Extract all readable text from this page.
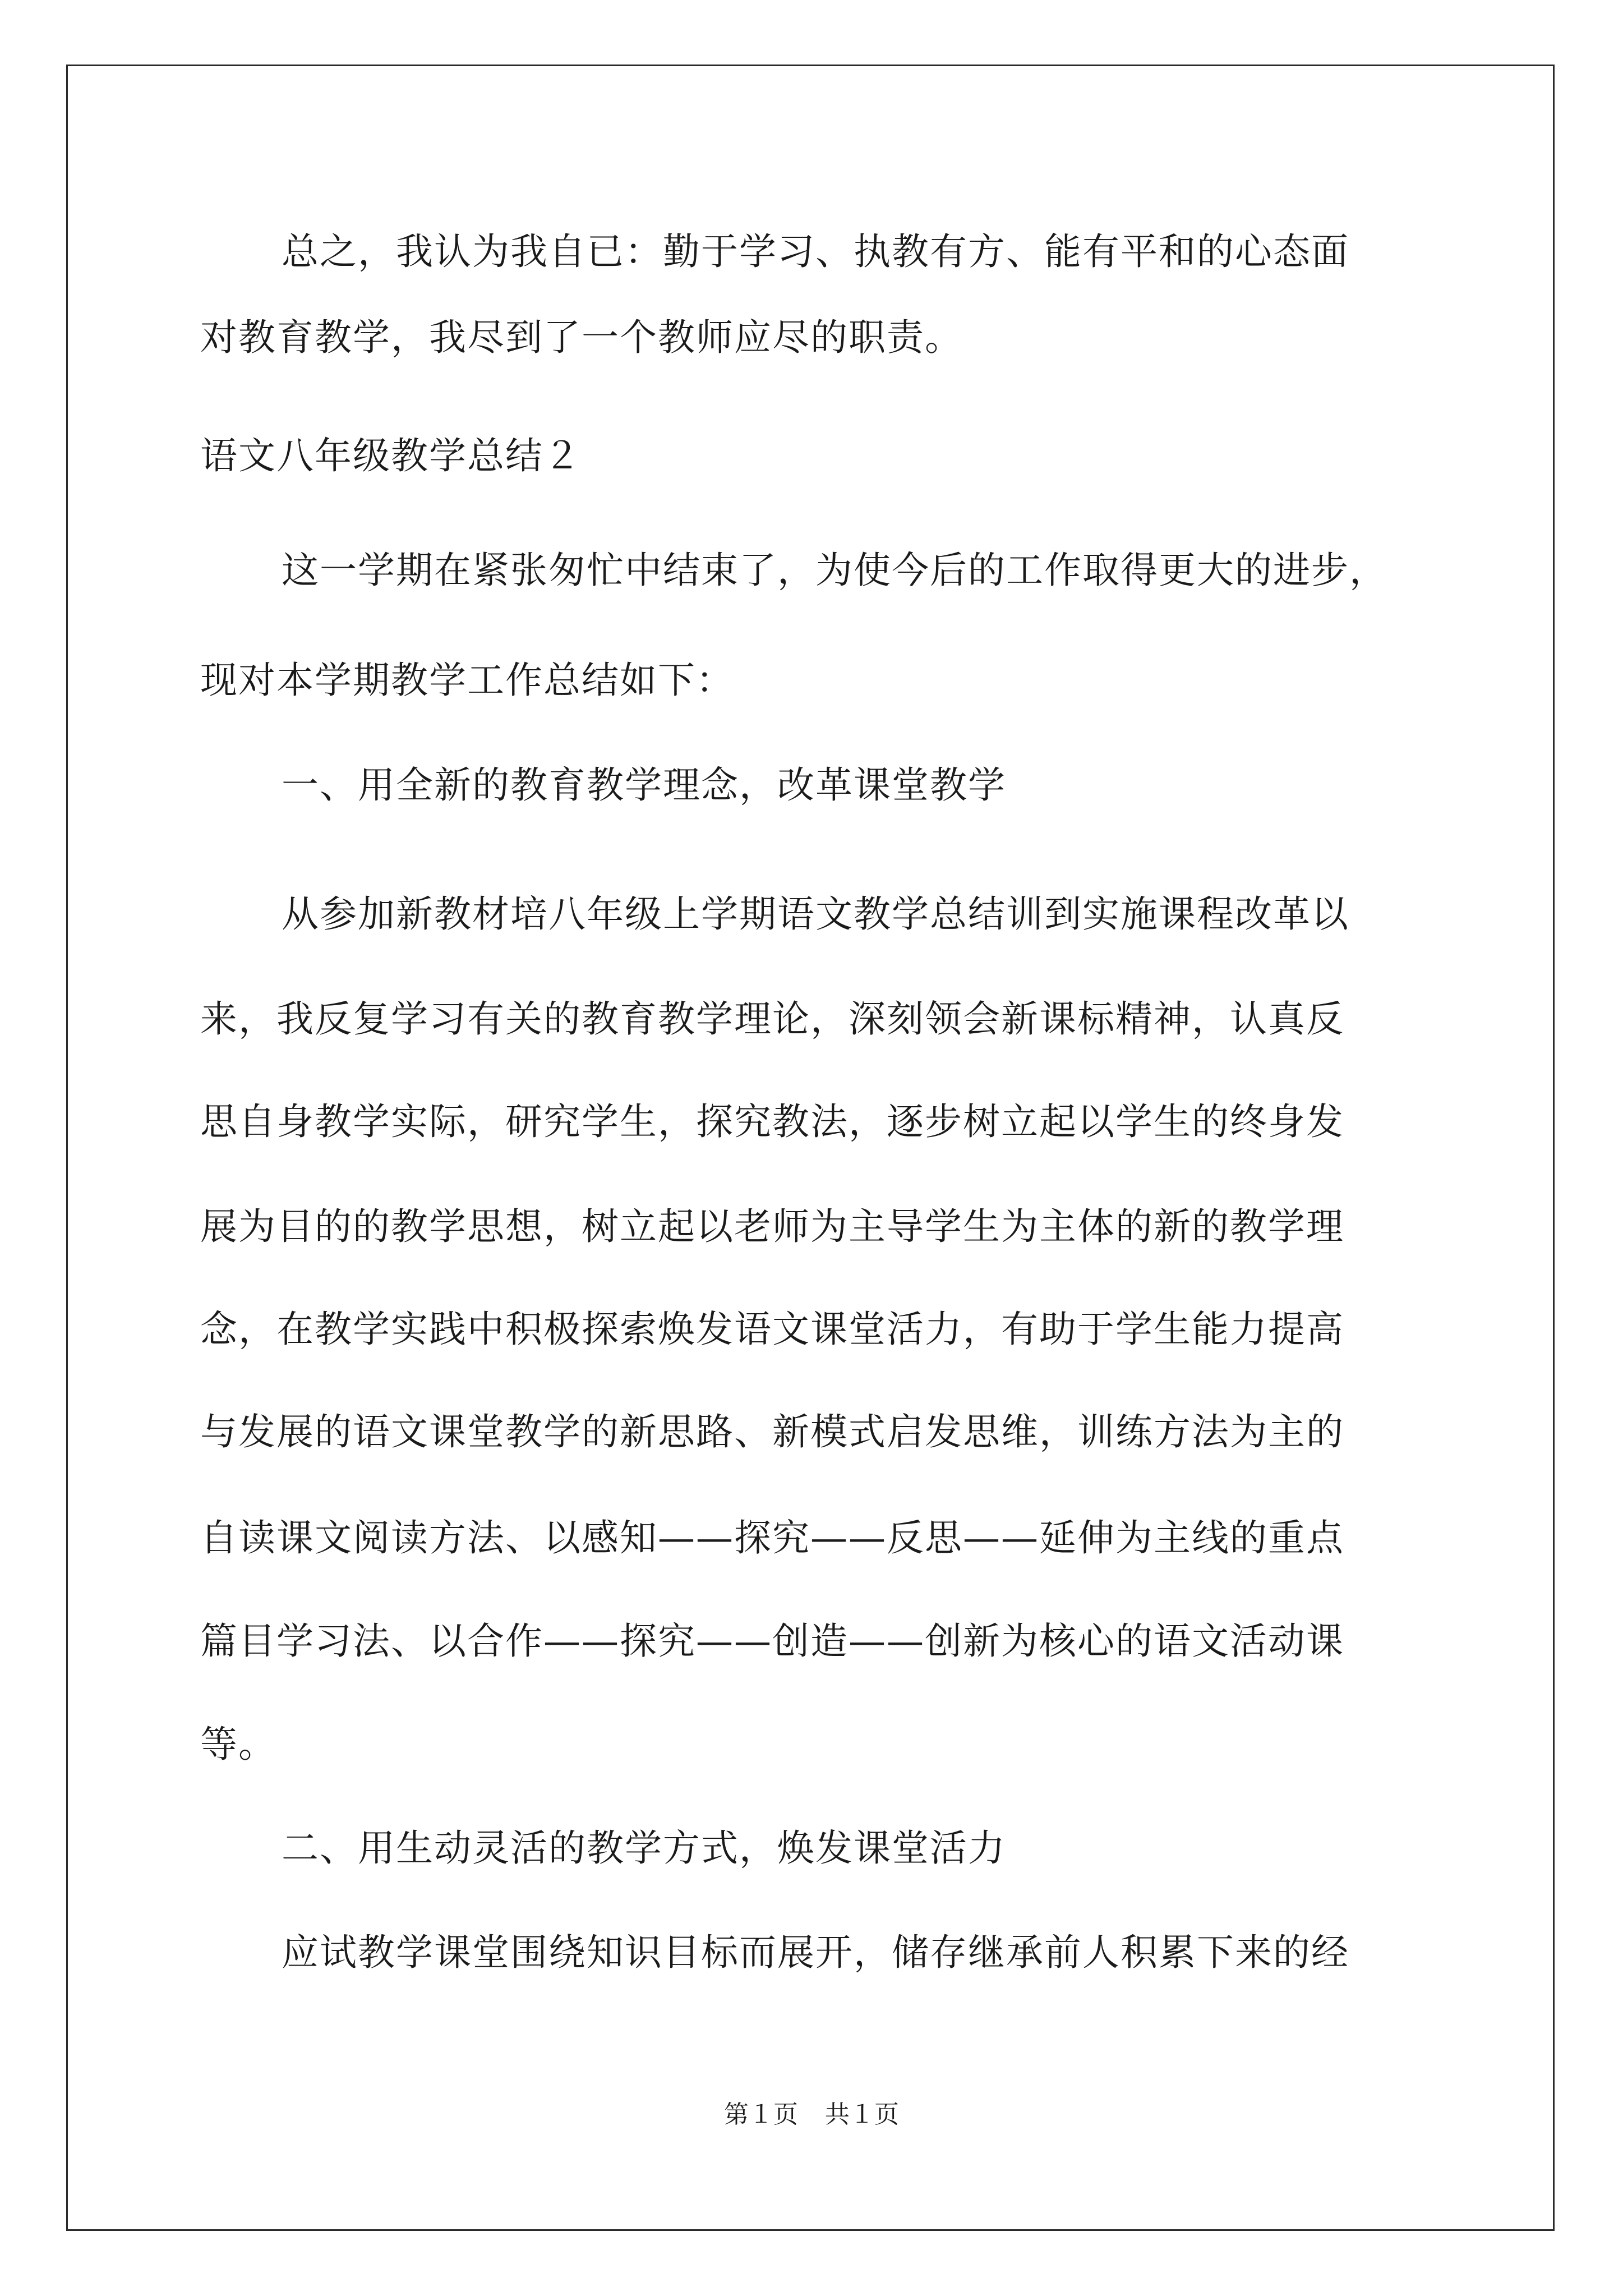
总之，我认为我自已：勤于学习、执教有方、能有平和的心态面
对教育教学，我尽到了一个教师应尽的职责。
语文八年级教学总结２
这一学期在紧张匆忙中结束了，为使今后的工作取得更大的进步，
现对本学期教学工作总结如下：
一、用全新的教育教学理念，改革课堂教学
从参加新教材培八年级上学期语文教学总结训到实施课程改革以
来，我反复学习有关的教育教学理论，深刻领会新课标精神，认真反
思自身教学实际，研究学生，探究教法，逐步树立起以学生的终身发
展为目的的教学思想，树立起以老师为主导学生为主体的新的教学理
念，在教学实践中积极探索焕发语文课堂活力，有助于学生能力提高
与发展的语文课堂教学的新思路、新模式启发思维，训练方法为主的
自读课文阅读方法、以感知——探究——反思——延伸为主线的重点
篇目学习法、以合作——探究——创造——创新为核心的语文活动课
等。
二、用生动灵活的教学方式，焕发课堂活力
应试教学课堂围绕知识目标而展开，储存继承前人积累下来的经
第１页 共１页
